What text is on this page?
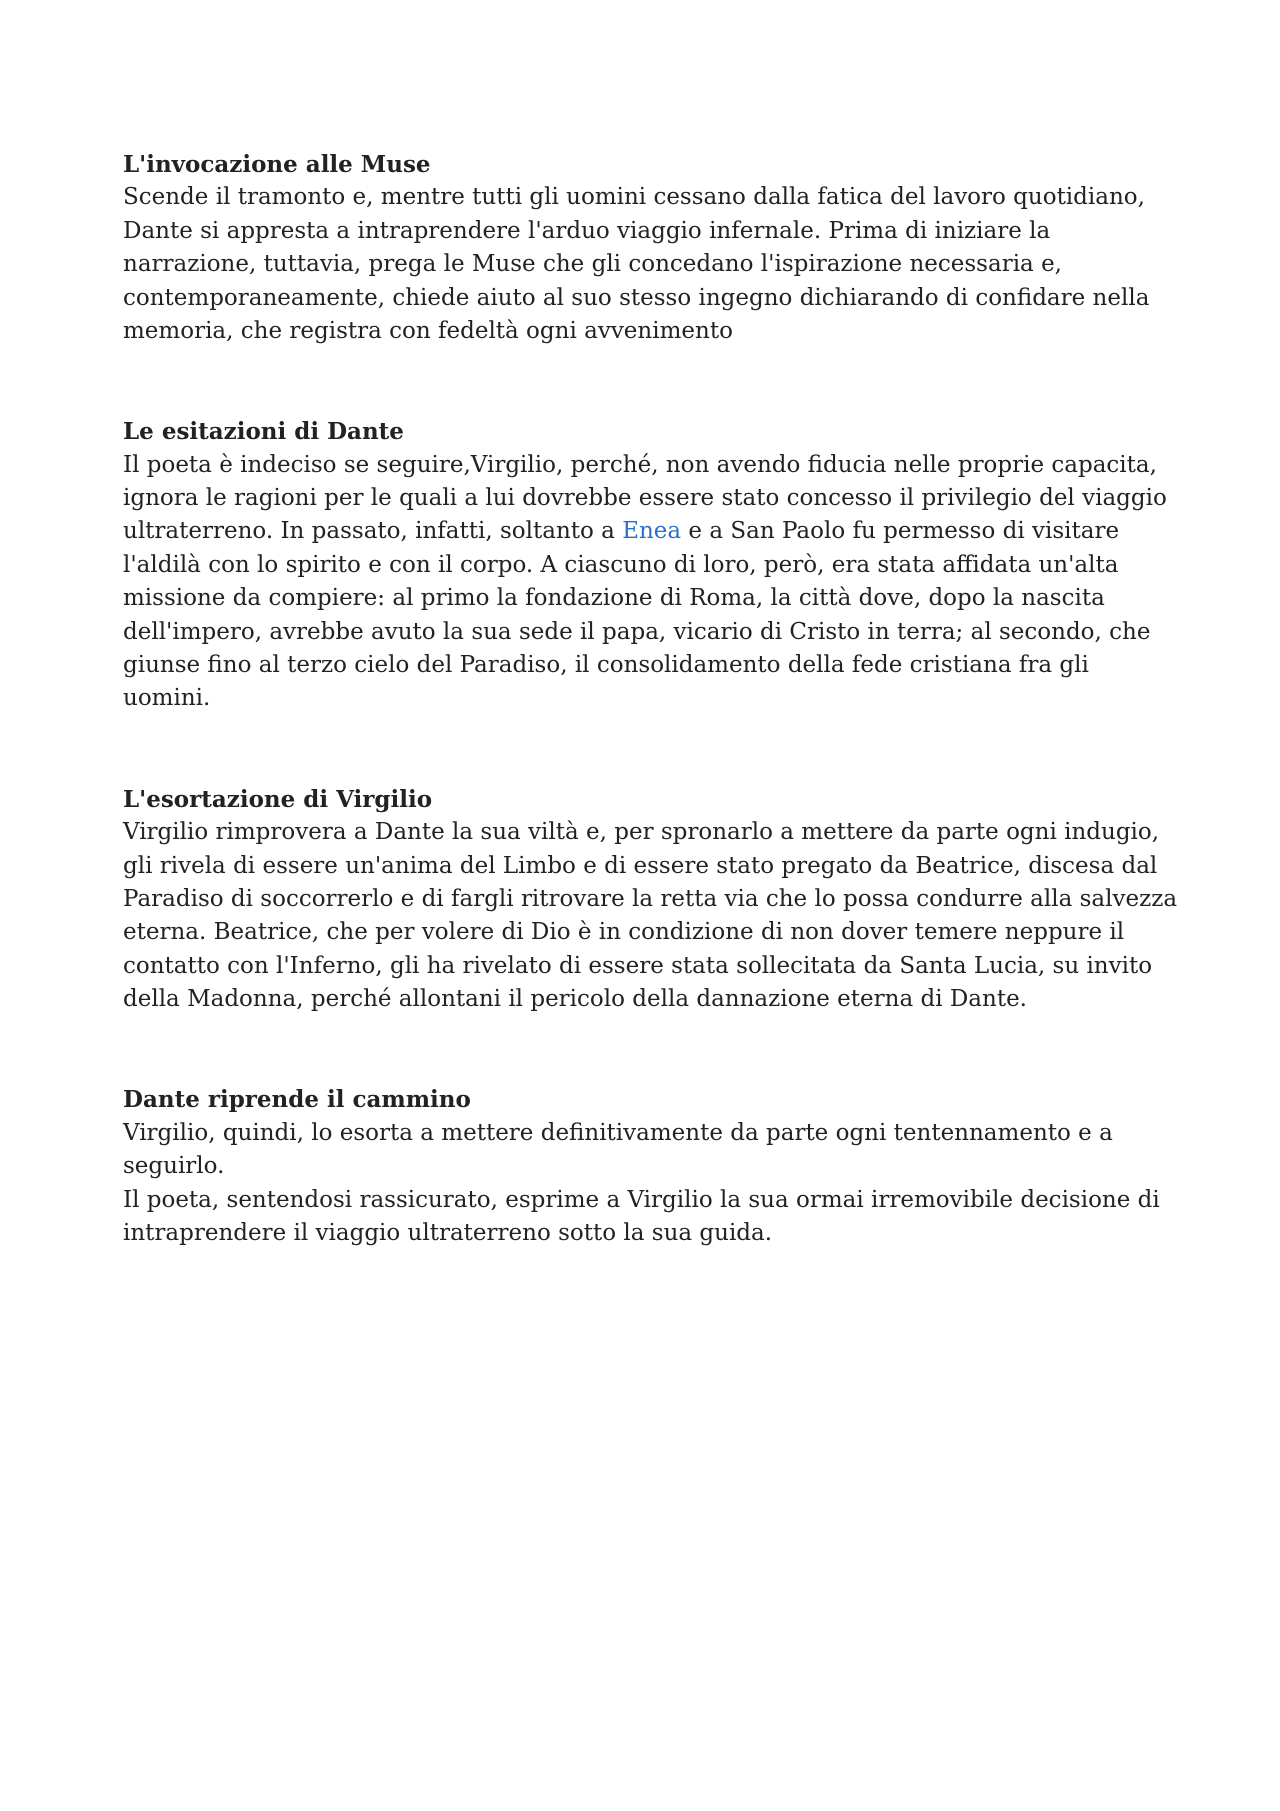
L'invocazione alle Muse

Scende il tramonto e, mentre tutti gli uomini cessano dalla fatica del lavoro quotidiano, Dante si appresta a intraprendere l'arduo viaggio infernale. Prima di iniziare la narrazione, tuttavia, prega le Muse che gli concedano l'ispirazione necessaria e, contemporaneamente, chiede aiuto al suo stesso ingegno dichiarando di confidare nella memoria, che registra con fedeltà ogni avvenimento

Le esitazioni di Dante

Il poeta è indeciso se seguire,Virgilio, perché, non avendo fiducia nelle proprie capacita, ignora le ragioni per le quali a lui dovrebbe essere stato concesso il privilegio del viaggio ultraterreno. In passato, infatti, soltanto a Enea e a San Paolo fu permesso di visitare l'aldilà con lo spirito e con il corpo. A ciascuno di loro, però, era stata affidata un'alta missione da compiere: al primo la fondazione di Roma, la città dove, dopo la nascita dell'impero, avrebbe avuto la sua sede il papa, vicario di Cristo in terra; al secondo, che giunse fino al terzo cielo del Paradiso, il consolidamento della fede cristiana fra gli uomini.

L'esortazione di Virgilio

Virgilio rimprovera a Dante la sua viltà e, per spronarlo a mettere da parte ogni indugio, gli rivela di essere un'anima del Limbo e di essere stato pregato da Beatrice, discesa dal Paradiso di soccorrerlo e di fargli ritrovare la retta via che lo possa condurre alla salvezza eterna. Beatrice, che per volere di Dio è in condizione di non dover temere neppure il contatto con l'Inferno, gli ha rivelato di essere stata sollecitata da Santa Lucia, su invito della Madonna, perché allontani il pericolo della dannazione eterna di Dante.

Dante riprende il cammino

Virgilio, quindi, lo esorta a mettere definitivamente da parte ogni tentennamento e a seguirlo.

Il poeta, sentendosi rassicurato, esprime a Virgilio la sua ormai irremovibile decisione di intraprendere il viaggio ultraterreno sotto la sua guida.
